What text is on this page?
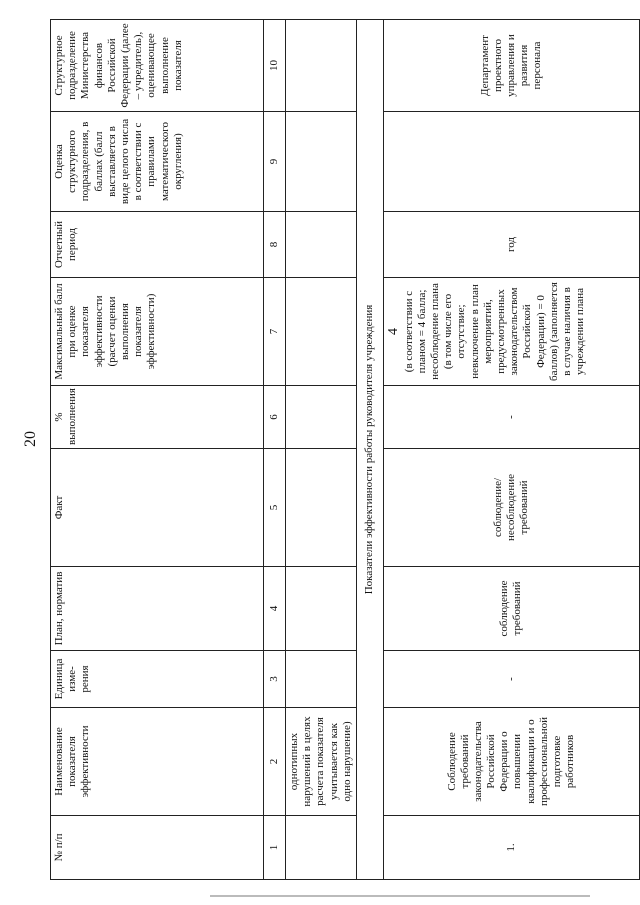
20
№ п/п	Наименование показателя эффективности	Единица изме-рения	План, норматив	Факт	% выполнения	Максимальный балл при оценке показателя эффективности (расчет оценки выполнения показателя эффективности)	Отчетный период	Оценка структурного подразделения, в баллах (балл выставляется в виде целого числа в соответствии с правилами математического округления)	Структурное подразделение Министерства финансов Российской Федерации (далее – учредитель), оценивающее выполнение показателя
1	2	3	4	5	6	7	8	9	10
	однотипных нарушений в целях расчета показателя учитывается как одно нарушение)								
Показатели эффективности работы руководителя учреждения									
1.	Соблюдение требований законодательства Российской Федерации о повышении квалификации и о профессиональной подготовке работников	-	соблюдение требований	соблюдение/ несоблюдение требований	-	4 (в соответствии с планом = 4 балла; несоблюдение плана (в том числе его отсутствие; невключение в план мероприятий, предусмотренных законодательством Российской Федерации) = 0 баллов) (заполняется в случае наличия в учреждении плана	год		Департамент проектного управления и развития персонала
